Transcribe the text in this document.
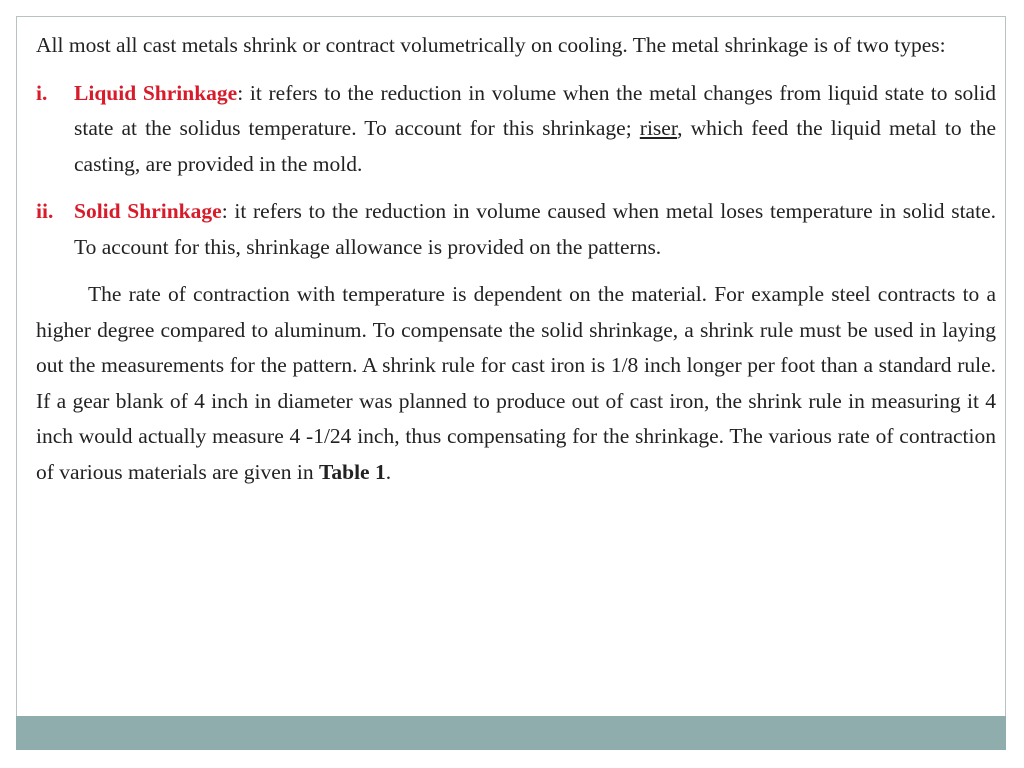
All most all cast metals shrink or contract volumetrically on cooling. The metal shrinkage is of two types:

i. Liquid Shrinkage: it refers to the reduction in volume when the metal changes from liquid state to solid state at the solidus temperature. To account for this shrinkage; riser, which feed the liquid metal to the casting, are provided in the mold.

ii. Solid Shrinkage: it refers to the reduction in volume caused when metal loses temperature in solid state. To account for this, shrinkage allowance is provided on the patterns.

The rate of contraction with temperature is dependent on the material. For example steel contracts to a higher degree compared to aluminum. To compensate the solid shrinkage, a shrink rule must be used in laying out the measurements for the pattern. A shrink rule for cast iron is 1/8 inch longer per foot than a standard rule. If a gear blank of 4 inch in diameter was planned to produce out of cast iron, the shrink rule in measuring it 4 inch would actually measure 4 -1/24 inch, thus compensating for the shrinkage. The various rate of contraction of various materials are given in Table 1.
